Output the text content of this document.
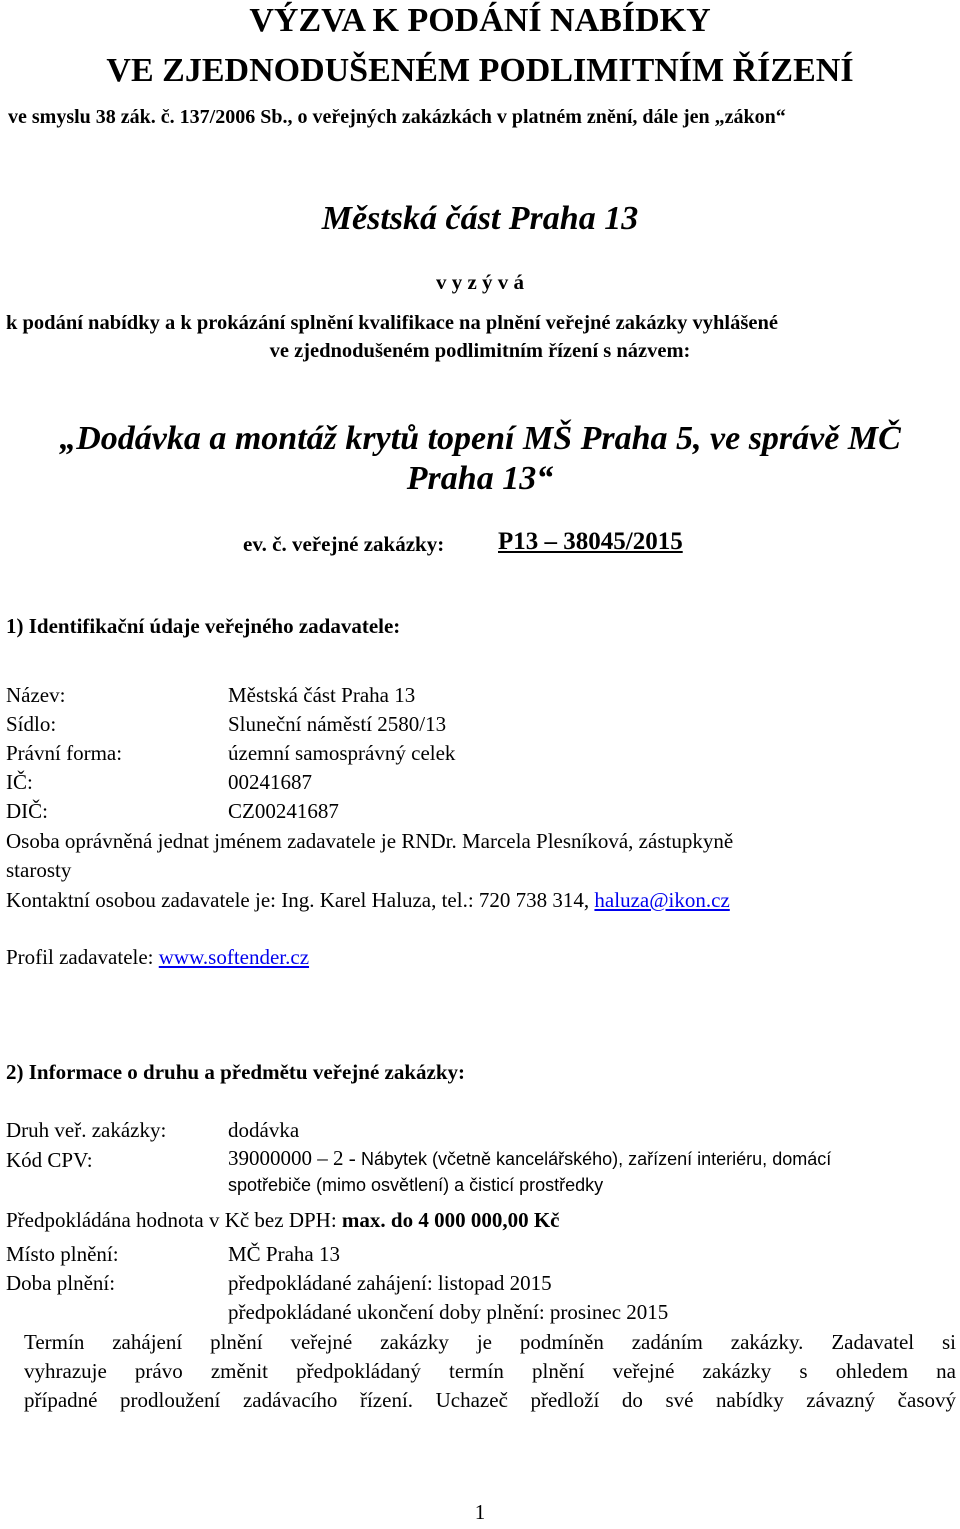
VÝZVA K PODÁNÍ NABÍDKY
VE ZJEDNODUŠENÉM PODLIMITNÍM ŘÍZENÍ
ve smyslu 38 zák. č. 137/2006 Sb., o veřejných zakázkách v platném znění, dále jen „zákon“
Městská část Praha 13
v y z ý v á
k podání nabídky a k prokázání splnění kvalifikace na plnění veřejné zakázky vyhlášené
ve zjednodušeném podlimitním řízení s názvem:
„Dodávka a montáž krytů topení MŠ Praha 5, ve správě MČ
Praha 13“
ev. č. veřejné zakázky: P13 – 38045/2015
1) Identifikační údaje veřejného zadavatele:
Název:	Městská část Praha 13
Sídlo:	Sluneční náměstí 2580/13
Právní forma:	územní samosprávný celek
IČ:	00241687
DIČ:	CZ00241687
Osoba oprávněná jednat jménem zadavatele je RNDr. Marcela Plesníková, zástupkyně
starosty
Kontaktní osobou zadavatele je: Ing. Karel Haluza, tel.: 720 738 314, haluza@ikon.cz
Profil zadavatele: www.softender.cz
2) Informace o druhu a předmětu veřejné zakázky:
Druh veř. zakázky:	dodávka
Kód CPV:	39000000 – 2 - Nábytek (včetně kancelářského), zařízení interiéru, domácí
spotřebiče (mimo osvětlení) a čisticí prostředky
Předpokládána hodnota v Kč bez DPH: max. do 4 000 000,00 Kč
Místo plnění:	MČ Praha 13
Doba plnění:	předpokládané zahájení: listopad 2015
předpokládané ukončení doby plnění: prosinec 2015
Termín zahájení plnění veřejné zakázky je podmíněn zadáním zakázky. Zadavatel si
vyhrazuje právo změnit předpokládaný termín plnění veřejné zakázky s ohledem na
případné prodloužení zadávacího řízení. Uchazeč předloží do své nabídky závazný časový
1
